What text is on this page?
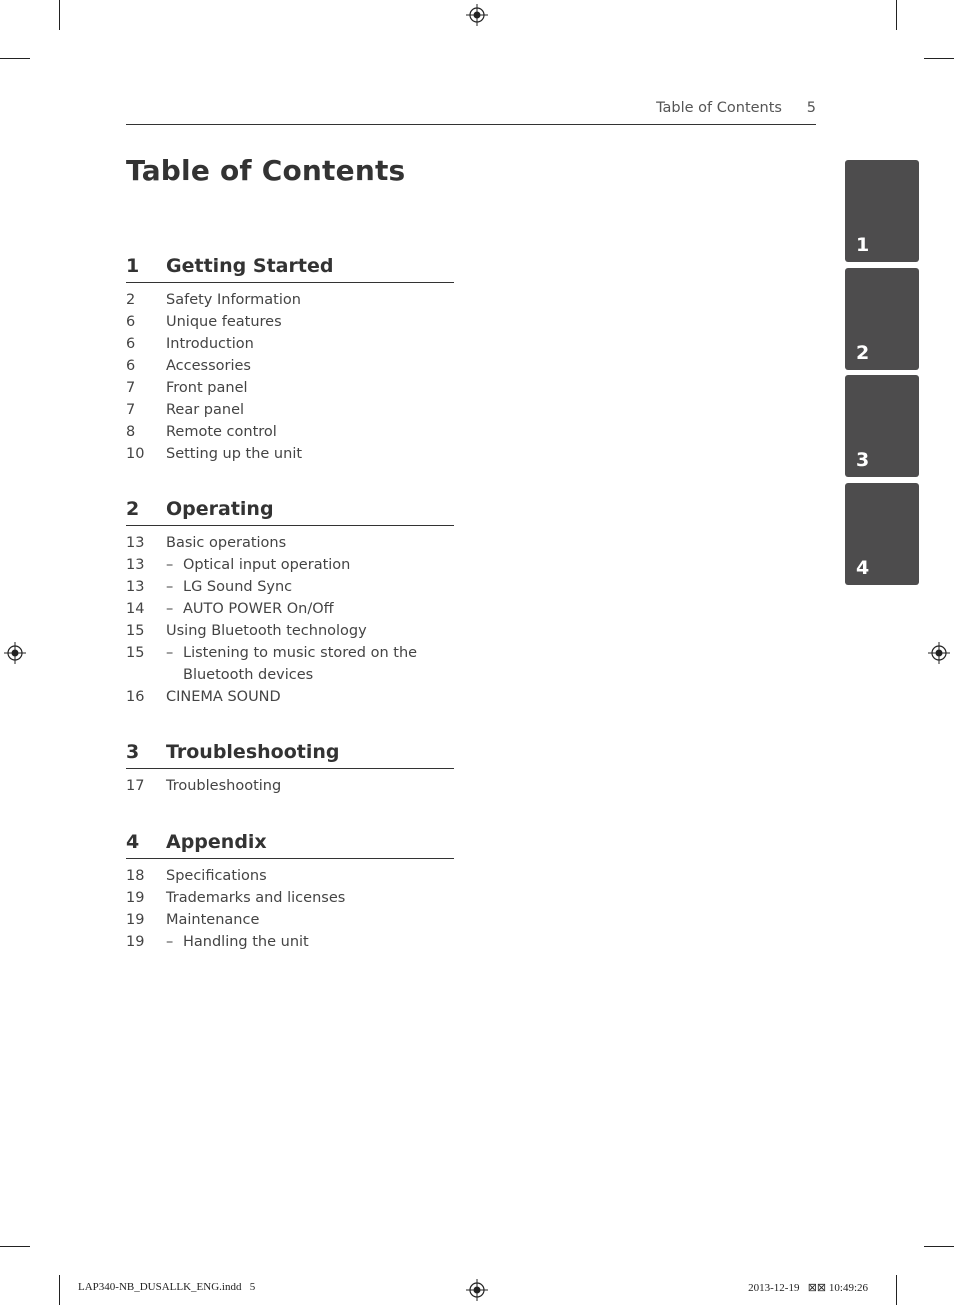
Table of Contents 5
Table of Contents
1 Getting Started
2 Safety Information
6 Unique features
6 Introduction
6 Accessories
7 Front panel
7 Rear panel
8 Remote control
10 Setting up the unit
2 Operating
13 Basic operations
13 – Optical input operation
13 – LG Sound Sync
14 – AUTO POWER On/Off
15 Using Bluetooth technology
15 – Listening to music stored on the
Bluetooth devices
16 CINEMA SOUND
3 Troubleshooting
17 Troubleshooting
4 Appendix
18 Specifications
19 Trademarks and licenses
19 Maintenance
19 – Handling the unit
1
2
3
4
LAP340-NB_DUSALLK_ENG.indd   5	2013-12-19   ⊠⊠ 10:49:26
